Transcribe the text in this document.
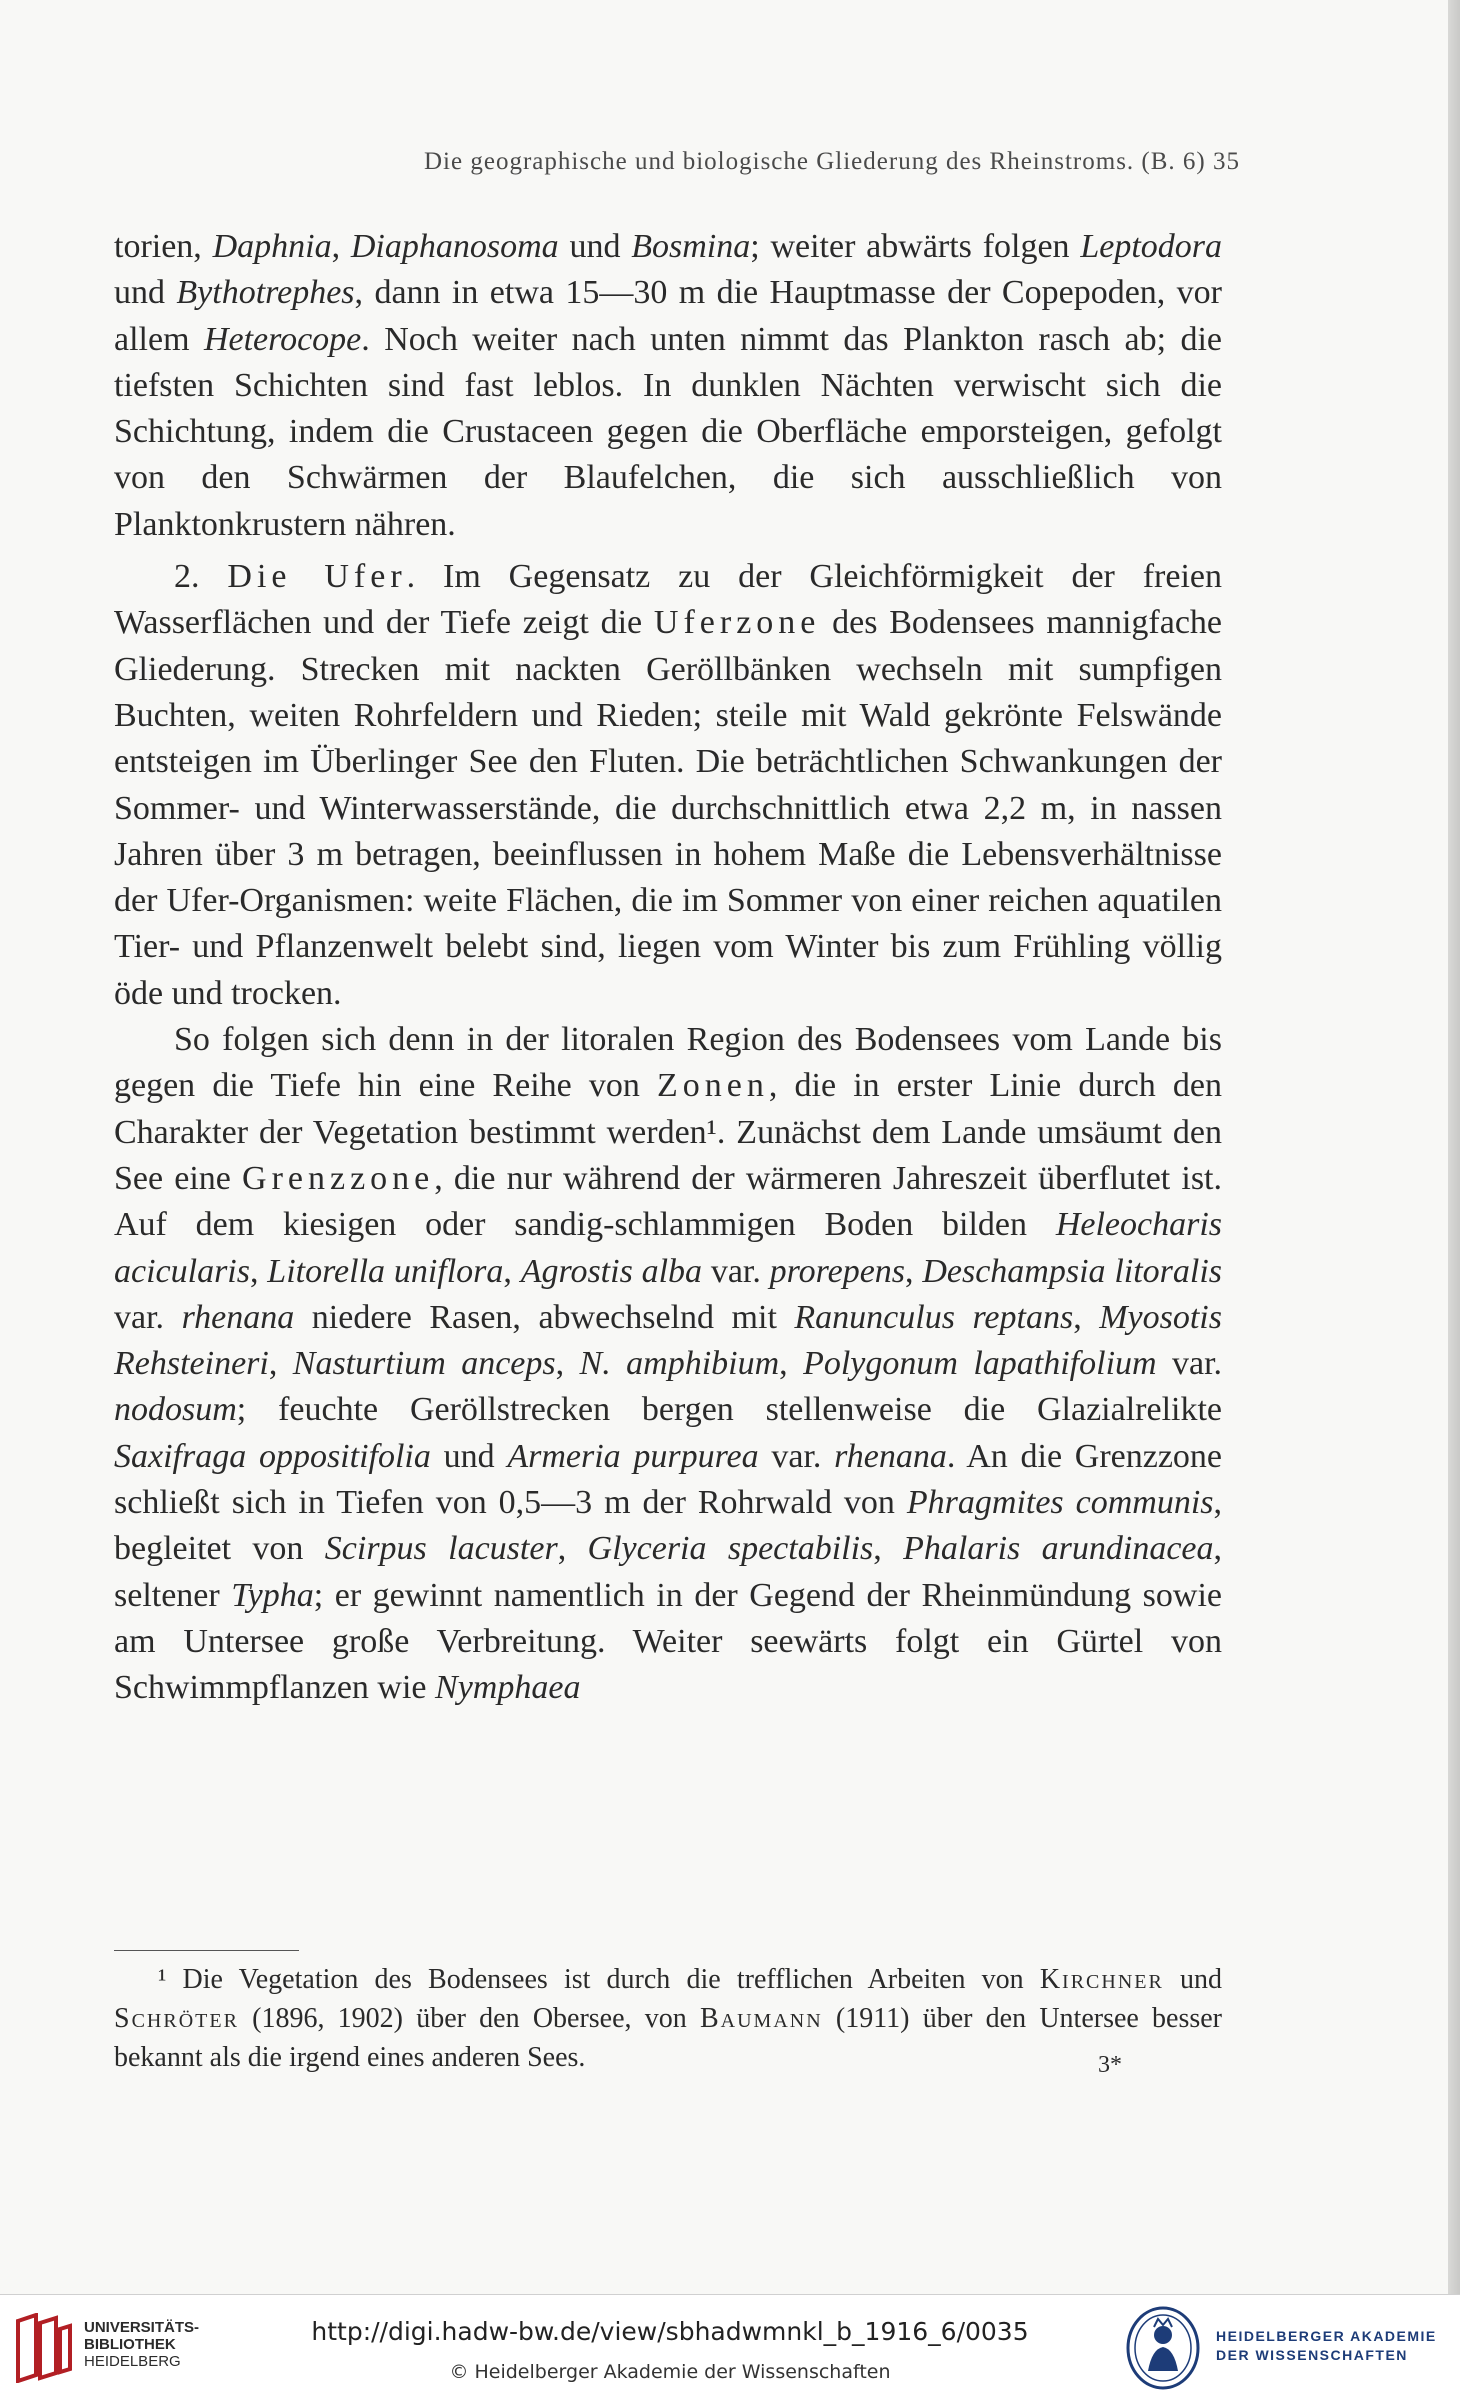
Die geographische und biologische Gliederung des Rheinstroms. (B. 6) 35

torien, Daphnia, Diaphanosoma und Bosmina; weiter abwärts folgen Leptodora und Bythotrephes, dann in etwa 15—30 m die Hauptmasse der Copepoden, vor allem Heterocope. Noch weiter nach unten nimmt das Plankton rasch ab; die tiefsten Schichten sind fast leblos. In dunklen Nächten verwischt sich die Schichtung, indem die Crustaceen gegen die Oberfläche emporsteigen, gefolgt von den Schwärmen der Blaufelchen, die sich ausschließlich von Planktonkrustern nähren.

2. Die Ufer. Im Gegensatz zu der Gleichförmigkeit der freien Wasserflächen und der Tiefe zeigt die Uferzone des Bodensees mannigfache Gliederung. Strecken mit nackten Geröllbänken wechseln mit sumpfigen Buchten, weiten Rohrfeldern und Rieden; steile mit Wald gekrönte Felswände entsteigen im Überlinger See den Fluten. Die beträchtlichen Schwankungen der Sommer- und Winterwasserstände, die durchschnittlich etwa 2,2 m, in nassen Jahren über 3 m betragen, beeinflussen in hohem Maße die Lebensverhältnisse der Ufer-Organismen: weite Flächen, die im Sommer von einer reichen aquatilen Tier- und Pflanzenwelt belebt sind, liegen vom Winter bis zum Frühling völlig öde und trocken.

So folgen sich denn in der litoralen Region des Bodensees vom Lande bis gegen die Tiefe hin eine Reihe von Zonen, die in erster Linie durch den Charakter der Vegetation bestimmt werden¹. Zunächst dem Lande umsäumt den See eine Grenzzone, die nur während der wärmeren Jahreszeit überflutet ist. Auf dem kiesigen oder sandig-schlammigen Boden bilden Heleocharis acicularis, Litorella uniflora, Agrostis alba var. prorepens, Deschampsia litoralis var. rhenana niedere Rasen, abwechselnd mit Ranunculus reptans, Myosotis Rehsteineri, Nasturtium anceps, N. amphibium, Polygonum lapathifolium var. nodosum; feuchte Geröllstrecken bergen stellenweise die Glazialrelikte Saxifraga oppositifolia und Armeria purpurea var. rhenana. An die Grenzzone schließt sich in Tiefen von 0,5—3 m der Rohrwald von Phragmites communis, begleitet von Scirpus lacuster, Glyceria spectabilis, Phalaris arundinacea, seltener Typha; er gewinnt namentlich in der Gegend der Rheinmündung sowie am Untersee große Verbreitung. Weiter seewärts folgt ein Gürtel von Schwimmpflanzen wie Nymphaea

¹ Die Vegetation des Bodensees ist durch die trefflichen Arbeiten von Kirchner und Schröter (1896, 1902) über den Obersee, von Baumann (1911) über den Untersee besser bekannt als die irgend eines anderen Sees.	3*
UNIVERSITÄTS-
BIBLIOTHEK
HEIDELBERG
http://digi.hadw-bw.de/view/sbhadwmnkl_b_1916_6/0035
© Heidelberger Akademie der Wissenschaften
HEIDELBERGER AKADEMIE
DER WISSENSCHAFTEN
